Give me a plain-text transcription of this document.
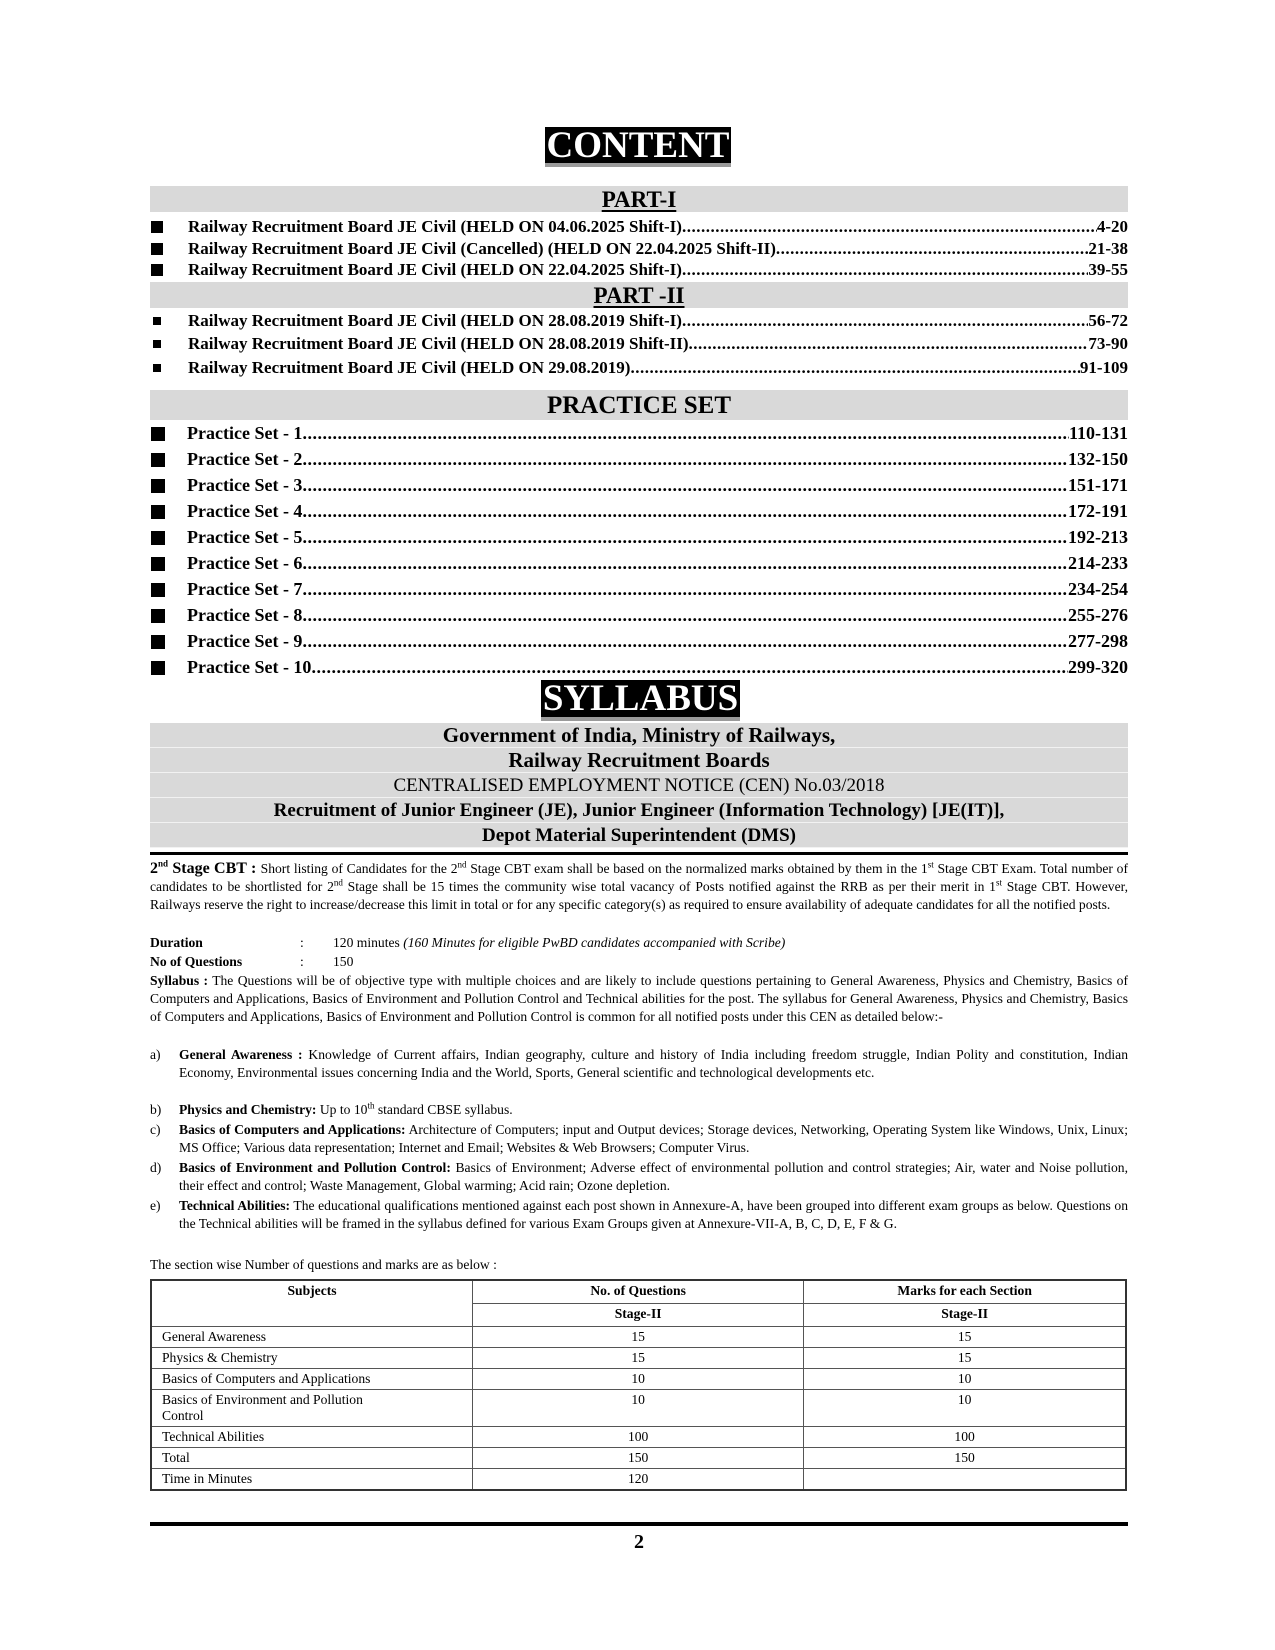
CONTENT
PART-I
Railway Recruitment Board JE Civil (HELD ON 04.06.2025 Shift-I) .....	4-20
Railway Recruitment Board JE Civil (Cancelled) (HELD ON 22.04.2025 Shift-II) .....	21-38
Railway Recruitment Board JE Civil (HELD ON 22.04.2025 Shift-I) .....	39-55
PART -II
Railway Recruitment Board JE Civil (HELD ON 28.08.2019 Shift-I) .....	56-72
Railway Recruitment Board JE Civil (HELD ON 28.08.2019 Shift-II) .....	73-90
Railway Recruitment Board JE Civil (HELD ON 29.08.2019) .....	91-109
PRACTICE SET
Practice Set - 1 .....	110-131
Practice Set - 2 .....	132-150
Practice Set - 3 .....	151-171
Practice Set - 4 .....	172-191
Practice Set - 5 .....	192-213
Practice Set - 6 .....	214-233
Practice Set - 7 .....	234-254
Practice Set - 8 .....	255-276
Practice Set - 9 .....	277-298
Practice Set - 10 .....	299-320
SYLLABUS
Government of India, Ministry of Railways,
Railway Recruitment Boards
CENTRALISED EMPLOYMENT NOTICE (CEN) No.03/2018
Recruitment of Junior Engineer (JE), Junior Engineer (Information Technology) [JE(IT)],
Depot Material Superintendent (DMS)
2nd Stage CBT : Short listing of Candidates for the 2nd Stage CBT exam shall be based on the normalized marks obtained by them in the 1st Stage CBT Exam. Total number of candidates to be shortlisted for 2nd Stage shall be 15 times the community wise total vacancy of Posts notified against the RRB as per their merit in 1st Stage CBT. However, Railways reserve the right to increase/decrease this limit in total or for any specific category(s) as required to ensure availability of adequate candidates for all the notified posts.
Duration	: 120 minutes (160 Minutes for eligible PwBD candidates accompanied with Scribe)
No of Questions	: 150
Syllabus : The Questions will be of objective type with multiple choices and are likely to include questions pertaining to General Awareness, Physics and Chemistry, Basics of Computers and Applications, Basics of Environment and Pollution Control and Technical abilities for the post. The syllabus for General Awareness, Physics and Chemistry, Basics of Computers and Applications, Basics of Environment and Pollution Control is common for all notified posts under this CEN as detailed below:-
a) General Awareness : Knowledge of Current affairs, Indian geography, culture and history of India including freedom struggle, Indian Polity and constitution, Indian Economy, Environmental issues concerning India and the World, Sports, General scientific and technological developments etc.
b) Physics and Chemistry: Up to 10th standard CBSE syllabus.
c) Basics of Computers and Applications: Architecture of Computers; input and Output devices; Storage devices, Networking, Operating System like Windows, Unix, Linux; MS Office; Various data representation; Internet and Email; Websites & Web Browsers; Computer Virus.
d) Basics of Environment and Pollution Control: Basics of Environment; Adverse effect of environmental pollution and control strategies; Air, water and Noise pollution, their effect and control; Waste Management, Global warming; Acid rain; Ozone depletion.
e) Technical Abilities: The educational qualifications mentioned against each post shown in Annexure-A, have been grouped into different exam groups as below. Questions on the Technical abilities will be framed in the syllabus defined for various Exam Groups given at Annexure-VII-A, B, C, D, E, F & G.
The section wise Number of questions and marks are as below :
Subjects	No. of Questions	Marks for each Section
	Stage-II	Stage-II
General Awareness	15	15
Physics & Chemistry	15	15
Basics of Computers and Applications	10	10
Basics of Environment and Pollution Control	10	10
Technical Abilities	100	100
Total	150	150
Time in Minutes	120	
2
